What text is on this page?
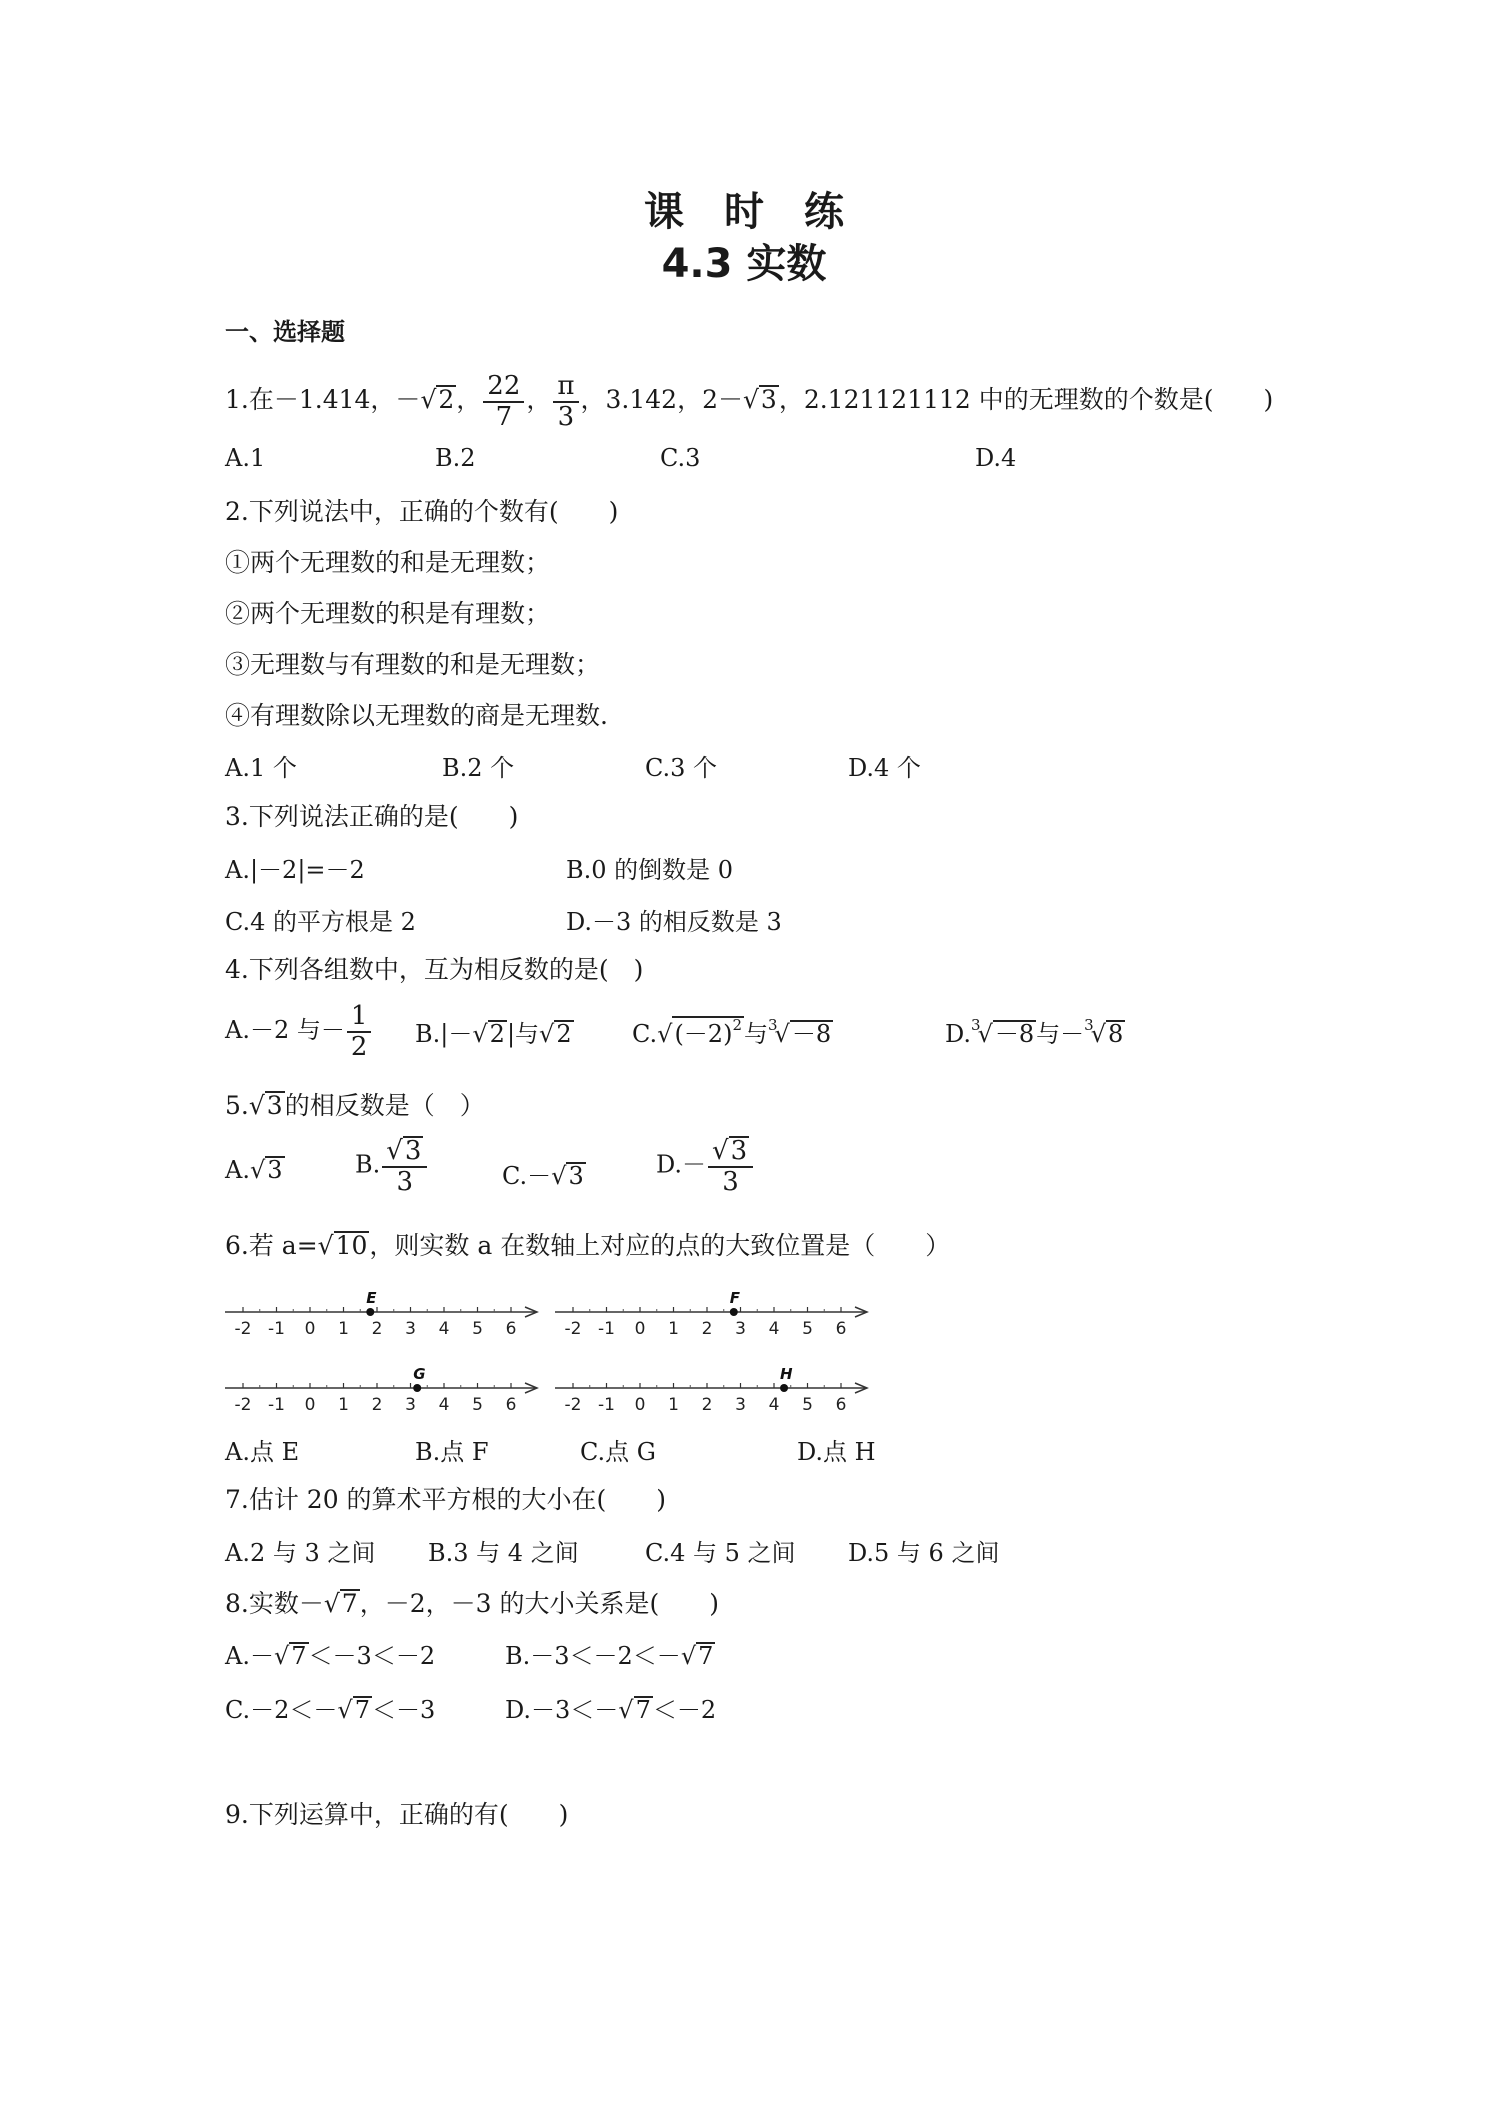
课　时　练
4.3 实数
一、选择题
1.在－1.414，－√2， $\frac{22}{7}$ ， $\frac{\pi}{3}$ ，3.142，2－√3，2.121121112 中的无理数的个数是(　　)
A.1	B.2	C.3	D.4
2.下列说法中，正确的个数有(　　)
①两个无理数的和是无理数；
②两个无理数的积是有理数；
③无理数与有理数的和是无理数；
④有理数除以无理数的商是无理数.
A.1 个	B.2 个	C.3 个	D.4 个
3.下列说法正确的是(　　)
A.|－2|=－2	B.0 的倒数是 0
C.4 的平方根是 2	D.－3 的相反数是 3
4.下列各组数中，互为相反数的是(　)
A.－2 与－ $\frac{1}{2} B.|-√2|$与√2	$C.√(-2)^2$与$^3$√－8	D.$^3$√－8与－$^3$√8
5.√3的相反数是（　）
A.√3	B. $\frac{√3}{3}$	C.－√3	$D.- \frac{√3}{3}$
6.若 a=√10，则实数 a 在数轴上对应的点的大致位置是（　　）
-2 -1 0 1 2 3 4 5 6
E
-2 -1 0 1 2 3 4 5 6
F
-2 -1 0 1 2 3 4 5 6
G
-2 -1 0 1 2 3 4 5 6
H
A.点 E	B.点 F	C.点 G	D.点 H
7.估计 20 的算术平方根的大小在(　　)
A.2 与 3 之间 B.3 与 4 之间	C.4 与 5 之间 D.5 与 6 之间
8.实数－√7，－2，－3 的大小关系是(　　)
A.－√7＜－3＜－2	B.－3＜－2＜－√7
C.－2＜－√7＜－3	D.－3＜－√7＜－2
9.下列运算中，正确的有(　　)
